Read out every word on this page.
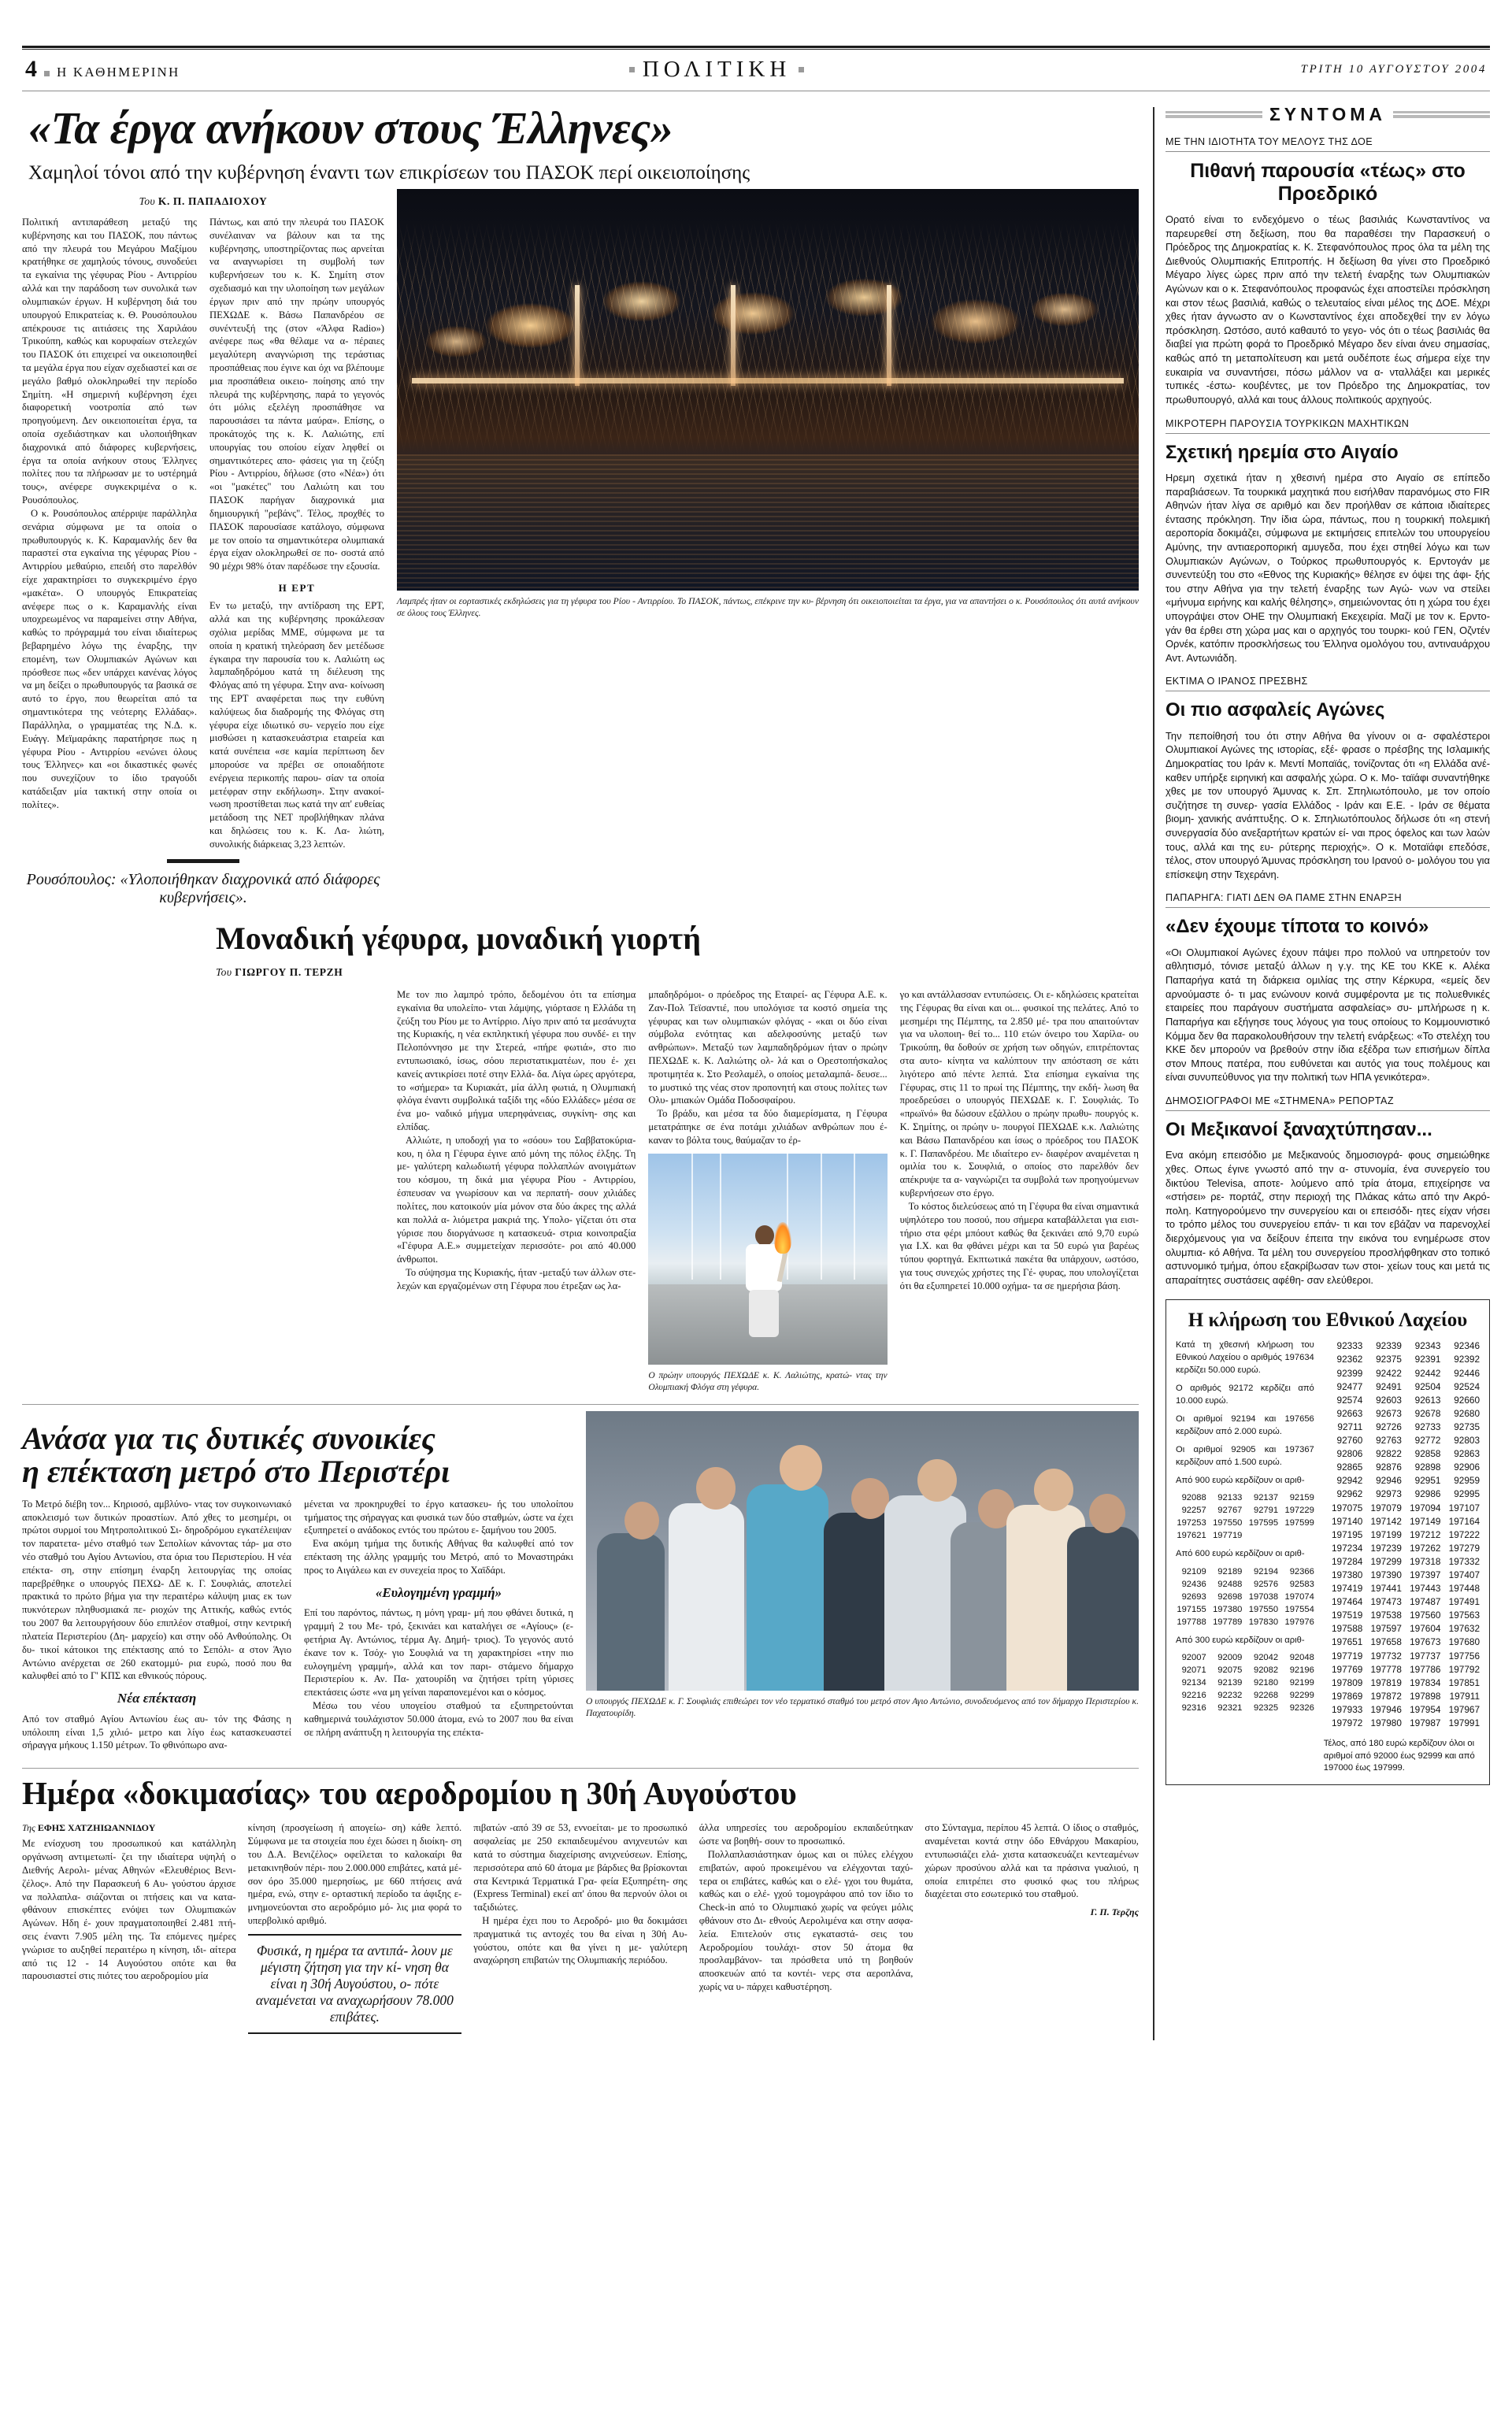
4 Η ΚΑΘΗΜΕΡΙΝΗ	ΠΟΛΙΤΙΚΗ	ΤΡΙΤΗ 10 ΑΥΓΟΥΣΤΟΥ 2004
«Τα έργα ανήκουν στους Έλληνες»
Χαμηλοί τόνοι από την κυβέρνηση έναντι των επικρίσεων του ΠΑΣΟΚ περί οικειοποίησης
Του Κ. Π. ΠΑΠΑΔΙΟΧΟΥ

Πολιτική αντιπαράθεση μεταξύ της κυβέρνησης και του ΠΑΣΟΚ, που πάντως από την πλευρά του Μεγάρου Μαξίμου κρατήθηκε σε χαμηλούς τόνους, συνοδεύει τα εγκαίνια της γέφυρας Ρίου - Αντιρρίου αλλά και την παράδοση των συνολικά των ολυμπιακών έργων. Η κυβέρνηση διά του υπουργού Επικρατείας κ. Θ. Ρουσόπουλου απέκρουσε τις αιτιάσεις της Χαριλάου Τρικούπη, καθώς και κορυφαίων στελεχών του ΠΑΣΟΚ ότι επιχειρεί να οικειοποιηθεί τα μεγάλα έργα που είχαν σχεδιαστεί και σε μεγάλο βαθμό ολοκληρωθεί την περίοδο Σημίτη. «Η σημερινή κυβέρνηση έχει διαφορετική νοοτροπία από των προηγούμενη. Δεν οικειοποιείται έργα, τα οποία σχεδιάστηκαν και υλοποιήθηκαν διαχρονικά από διάφορες κυβερνήσεις, έργα τα οποία ανήκουν στους Έλληνες πολίτες που τα πλήρωσαν με το υστέρημά τους», ανέφερε συγκεκριμένα ο κ. Ρουσόπουλος.

Ο κ. Ρουσόπουλος απέρριψε παράλληλα σενάρια σύμφωνα με τα οποία ο πρωθυπουργός κ. Κ. Καραμανλής δεν θα παραστεί στα εγκαίνια της γέφυρας Ρίου - Αντιρρίου μεθαύριο, επειδή στο παρελθόν είχε χαρακτηρίσει το συγκεκριμένο έργο «μακέτα». Ο υπουργός Επικρατείας ανέφερε πως ο κ. Καραμανλής είναι υποχρεωμένος να παραμείνει στην Αθήνα, καθώς το πρόγραμμά του είναι ιδιαίτερως βεβαρημένο λόγω της έναρξης, την επομένη, των Ολυμπιακών Αγώνων και πρόσθεσε πως «δεν υπάρχει κανένας λόγος να μη δείξει ο πρωθυπουργός τα βασικά σε αυτό το έργο, που θεωρείται από τα σημαντικότερα της νεότερης Ελλάδας». Παράλληλα, ο γραμματέας της Ν.Δ. κ. Ευάγγ. Μεϊμαράκης παρατήρησε πως η γέφυρα Ρίου - Αντιρρίου «ενώνει όλους τους Έλληνες» και «οι δικαστικές φωνές που συνεχίζουν το ίδιο τραγούδι κατάδειξαν μία τακτική στην οποία οι πολίτες».

Πάντως, και από την πλευρά του ΠΑΣΟΚ συνέλαιναν να βάλουν και τα της κυβέρνησης, υποστηρίζοντας πως αρνείται να αναγνωρίσει τη συμβολή των κυβερνήσεων του κ. Κ. Σημίτη στον σχεδιασμό και την υλοποίηση των μεγάλων έργων πριν από την πρώην υπουργός ΠΕΧΩΔΕ κ. Βάσω Παπανδρέου σε συνέντευξή της (στον «Άλφα Radio») ανέφερε πως «θα θέλαμε να α- πέραιες μεγαλύτερη αναγνώριση της τεράστιας προσπάθειας που έγινε και όχι να βλέπουμε μια προσπάθεια οικειο- ποίησης από την πλευρά της κυβέρνησης, παρά το γεγονός ότι μόλις εξελέγη προσπάθησε να παρουσιάσει τα πάντα μαύρα». Επίσης, ο προκάτοχός της κ. Κ. Λαλιώτης, επί υπουργίας του οποίου είχαν ληφθεί οι σημαντικότερες απο- φάσεις για τη ζεύξη Ρίου - Αντιρρίου, δήλωσε (στο «Νέα») ότι «οι "μακέτες" του Λαλιώτη και του ΠΑΣΟΚ παρήγαν διαχρονικά μια δημιουργική "ρεβάνς". Τέλος, προχθές το ΠΑΣΟΚ παρουσίασε κατάλογο, σύμφωνα με τον οποίο τα σημαντικότερα ολυμπιακά έργα είχαν ολοκληρωθεί σε πο- σοστά από 90 μέχρι 98% όταν παρέδωσε την εξουσία.

Η ΕΡΤ

Εν τω μεταξύ, την αντίδραση της ΕΡΤ, αλλά και της κυβέρνησης προκάλεσαν σχόλια μερίδας ΜΜΕ, σύμφωνα με τα οποία η κρατική τηλεόραση δεν μετέδωσε έγκαιρα την παρουσία του κ. Λαλιώτη ως λαμπαδηδρόμου κατά τη διέλευση της Φλόγας από τη γέφυρα. Στην ανα- κοίνωση της ΕΡΤ αναφέρεται πως την ευθύνη καλύψεως δια διαδρομής της Φλόγας στη γέφυρα είχε ιδιωτικό συ- νεργείο που είχε μισθώσει η κατασκευάστρια εταιρεία και κατά συνέπεια «σε καμία περίπτωση δεν μπορούσε να πρέβει σε οποιαδήποτε ενέργεια περικοπής παρου- σίαν τα οποία μετέφραν στην εκδήλωση». Στην ανακοί- νωση προστίθεται πως κατά την απ' ευθείας μετάδοση της ΝΕΤ προβλήθηκαν πλάνα και δηλώσεις του κ. Κ. Λα- λιώτη, συνολικής διάρκειας 3,23 λεπτών.

Ρουσόπουλος: «Υλοποιήθηκαν διαχρονικά από διάφορες κυβερνήσεις».
Λαμπρές ήταν οι εορταστικές εκδηλώσεις για τη γέφυρα του Ρίου - Αντιρρίου. Το ΠΑΣΟΚ, πάντως, επέκρινε την κυ- βέρνηση ότι οικειοποιείται τα έργα, για να απαντήσει ο κ. Ρουσόπουλος ότι αυτά ανήκουν σε όλους τους Έλληνες.
Μοναδική γέφυρα, μοναδική γιορτή
Του ΓΙΩΡΓΟΥ Π. ΤΕΡΖΗ

Με τον πιο λαμπρό τρόπο, δεδομένου ότι τα επίσημα εγκαίνια θα υπολείπο- νται λάμψης, γιόρτασε η Ελλάδα τη ζεύξη του Ρίου με το Αντίρριο. Λίγο πριν από τα μεσάνυχτα της Κυριακής, η νέα εκπληκτική γέφυρα που συνδέ- ει την Πελοπόννησο με την Στερεά, «πήρε φωτιά», στο πιο εντυπωσιακό, ίσως, σόου περιστατικματέων, που έ- χει κανείς αντικρίσει ποτέ στην Ελλά- δα. Λίγα ώρες αργότερα, το «σήμερα» τα Κυριακάτ, μία άλλη φωτιά, η Ολυμπιακή φλόγα έναντι συμβολικά ταξίδι της «δύο Ελλάδες» μέσα σε ένα μο- ναδικό μήγμα υπερηφάνειας, συγκίνη- σης και ελπίδας.

Αλλιώτε, η υποδοχή για το «σόου» του Σαββατοκύρια- κου, η όλα η Γέφυρα έγινε από μόνη της πόλος έλξης. Τη με- γαλύτερη καλωδιωτή γέφυρα πολλαπλών ανοιγμάτων του κόσμου, τη δικά μια γέφυρα Ρίου - Αντιρρίου, έσπευσαν να γνωρίσουν και να περπατή- σουν χιλιάδες πολίτες, που κατοικούν μία μόνον στα δύο άκρες της αλλά και πολλά α- λιόμετρα μακριά της. Υπολο- γίζεται ότι στα γύρισε που διοργάνωσε η κατασκευά- στρια κοινοπραξία «Γέφυρα Α.Ε.» συμμετείχαν περισσότε- ροι από 40.000 άνθρωποι.

Το σύψησμα της Κυριακής, ήταν -μεταξύ των άλλων στε- λεχών και εργαζομένων στη Γέφυρα που έτρεξαν ως λα-

μπαδηδρόμοι- ο πρόεδρος της Εταιρεί- ας Γέφυρα Α.Ε. κ. Ζαν-Πολ Τεϊσαντιέ, που υπολόγισε τα κοστό σημεία της γέφυρας και των ολυμπιακών φλόγας - «και οι δύο είναι σύμβολα ενότητας και αδελφοσύνης μεταξύ των ανθρώπων». Μεταξύ των λαμπαδηδρόμων ήταν ο πρώην ΠΕΧΩΔΕ κ. Κ. Λαλιώτης ολ- λά και ο Ορεστοπήσκαλος προτιμητέα κ. Στο Ρεσλαμέλ, ο οποίος μεταλαμπά- δευσε... το μυστικό της νέας στον προπονητή και στους πολίτες των Ολυ- μπιακών Ομάδα Ποδοσφαίρου.

Το βράδυ, και μέσα τα δύο διαμερίσματα, η Γέφυρα μετατράπηκε σε ένα ποτάμι χιλιάδων ανθρώπων που έ- καναν το βόλτα τους, θαύμαζαν το έρ-

Ο πρώην υπουργός ΠΕΧΩΔΕ κ. Κ. Λαλιώτης, κρατώ- ντας την Ολυμπιακή Φλόγα στη γέφυρα.

γο και αντάλλασσαν εντυπώσεις. Οι ε- κδηλώσεις κρατείται της Γέφυρας θα είναι και οι... φυσικοί της πελάτες. Από το μεσημέρι της Πέμπτης, τα 2.850 μέ- τρα που απαιτούνταν για να υλοποιη- θεί το... 110 ετών όνειρο του Χαρίλα- ου Τρικούπη, θα δοθούν σε χρήση των οδηγών, επιτρέποντας στα αυτο- κίνητα να καλύπτουν την απόσταση σε κάτι λιγότερο από πέντε λεπτά. Στα επίσημα εγκαίνια της Γέφυρας, στις 11 το πρωί της Πέμπτης, την εκδή- λωση θα προεδρεύσει ο υπουργός ΠΕΧΩΔΕ κ. Γ. Σουφλιάς. Το «πρωϊνό» θα δώσουν εξάλλου ο πρώην πρωθυ- πουργός κ. Κ. Σημίτης, οι πρώην υ- πουργοί ΠΕΧΩΔΕ κ.κ. Λαλιώτης και Βάσω Παπανδρέου και ίσως ο πρόεδρος του ΠΑΣΟΚ κ. Γ. Παπανδρέου. Με ιδιαίτερο εν- διαφέρον αναμένεται η ομιλία του κ. Σουφλιά, ο οποίος στο παρελθόν δεν απέκρυψε τα α- ναγνώριζει τα συμβολά των προηγούμενων κυβερνήσεων στο έργο.

Το κόστος διελεύσεως από τη Γέφυρα θα είναι σημαντικά υψηλότερο του ποσού, που σήμερα καταβάλλεται για εισι- τήριο στα φέρι μπόουτ καθώς θα ξεκινάει από 9,70 ευρώ για Ι.Χ. και θα φθάνει μέχρι και τα 50 ευρώ για βαρέως τύπου φορτηγά. Εκπτωτικά πακέτα θα υπάρχουν, ωστόσο, για τους συνεχώς χρήστες της Γέ- φυρας, που υπολογίζεται ότι θα εξυπηρετεί 10.000 οχήμα- τα σε ημερήσια βάση.

Ανάσα για τις δυτικές συνοικίες
η επέκταση μετρό στο Περιστέρι

Το Μετρό διέβη τον... Κηριοσό, αμβλύνο- ντας τον συγκοινωνιακό αποκλεισμό των δυτικών προαστίων. Από χθες το μεσημέρι, οι πρώτοι συρμοί του Μητροπολιτικού Σι- δηροδρόμου εγκατέλειψαν τον παρατετα- μένο σταθμό των Σεπολίων κάνοντας τάρ- μα στο νέο σταθμό του Αγίου Αντωνίου, στα όρια του Περιστερίου. Η νέα επέκτα- ση, στην επίσημη έναρξη λειτουργίας της οποίας παρεβρέθηκε ο υπουργός ΠΕΧΩ- ΔΕ κ. Γ. Σουφλιάς, αποτελεί πρακτικά το πρώτο βήμα για την περαιτέρω κάλυψη μιας εκ των πυκνότερων πληθυσμιακά πε- ριοχών της Αττικής, καθώς εντός του 2007 θα λειτουργήσουν δύο επιπλέον σταθμοί, στην κεντρική πλατεία Περιστερίου (Δη- μαρχείο) και στην οδό Ανθούπολης. Οι δυ- τικοί κάτοικοι της επέκτασης από το Σεπόλι- α στον Άγιο Αντώνιο ανέρχεται σε 260 εκατομμύ- ρια ευρώ, ποσό που θα καλυφθεί από το Γ' ΚΠΣ και εθνικούς πόρους.

Νέα επέκταση

Από τον σταθμό Αγίου Αντωνίου έως αυ- τόν της Φάσης η υπόλοιπη είναι 1,5 χιλιό- μετρο και λίγο έως κατασκευαστεί σήραγγα μήκους 1.150 μέτρων. Το φθινόπωρο ανα-

μένεται να προκηρυχθεί το έργο κατασκευ- ής του υπολοίπου τμήματος της σήραγγας και φυσικά των δύο σταθμών, ώστε να έχει εξυπηρετεί ο ανάδοκος εντός του πρώτου ε- ξαμήνου του 2005.

Ενα ακόμη τμήμα της δυτικής Αθήνας θα καλυφθεί από τον επέκταση της άλλης γραμμής του Μετρό, από το Μοναστηράκι προς το Αιγάλεω και εν συνεχεία προς το Χαϊδάρι.

«Ευλογημένη γραμμή»

Επί του παρόντος, πάντως, η μόνη γραμ- μή που φθάνει δυτικά, η γραμμή 2 του Με- τρό, ξεκινάει και καταλήγει σε «Αγίους» (ε- φετήρια Αγ. Αντώνιος, τέρμα Αγ. Δημή- τριος). Το γεγονός αυτό έκανε τον κ. Τσόχ- γιο Σουφλιά να τη χαρακτηρίσει «την πιο ευλογημένη γραμμή», αλλά και τον παρι- στάμενο δήμαρχο Περιστερίου κ. Αν. Πα- χατουρίδη να ζητήσει τρίτη γύρισες επεκτάσεις ώστε «να μη γείναι παραπονεμένοι και ο κόσμος.

Μέσω του νέου υπογείου σταθμού τα εξυπηρετούνται καθημερινά τουλάχιστον 50.000 άτομα, ενώ το 2007 που θα είναι σε πλήρη ανάπτυξη η λειτουργία της επέκτα-

Ο υπουργός ΠΕΧΩΔΕ κ. Γ. Σουφλιάς επιθεώρει τον νέο τερματικό σταθμό του μετρό στον Αγιο Αντώνιο, συνοδευόμενος από τον δήμαρχο Περιστερίου κ. Παχατουρίδη.
Ημέρα «δοκιμασίας» του αεροδρομίου η 30ή Αυγούστου
Της ΕΦΗΣ ΧΑΤΖΗΙΩΑΝΝΙΔΟΥ

Με ενίσχυση του προσωπικού και κατάλληλη οργάνωση αντιμετωπί- ζει την ιδιαίτερα υψηλή ο Διεθνής Αερολι- μένας Αθηνών «Ελευθέριος Βενι- ζέλος». Από την Παρασκευή 6 Αυ- γούστου άρχισε να πολλαπλα- σιάζονται οι πτήσεις και να κατα- φθάνουν επισκέπτες ενόψει των Ολυμπιακών Αγώνων. Ηδη έ- χουν πραγματοποιηθεί 2.481 πτή- σεις έναντι 7.905 μέλη της. Τα επόμενες ημέρες γνώρισε το αυξηθεί περαιτέρω η κίνηση, ιδι- αίτερα από τις 12 - 14 Αυγούστου οπότε και θα παρουσιαστεί στις πιότες του αεροδρομίου μία

κίνηση (προσγείωση ή απογείω- ση) κάθε λεπτό. Σύμφωνα με τα στοιχεία που έχει δώσει η διοίκη- ση του Δ.Α. Βενιζέλος» οφείλεται το καλοκαίρι θα μετακινηθούν πέρι- που 2.000.000 επιβάτες, κατά μέ- σον όρο 35.000 ημερησίως, με 660 πτήσεις ανά ημέρα, ενώ, στην ε- ορταστική περίοδο τα άφιξης ε- μνημονεύονται στο αεροδρόμιο μό- λις μια φορά το υπερβολικό αριθμό.

Φυσικά, η ημέρα τα αντιπά- λουν με μέγιστη ζήτηση για την κί- νηση θα είναι η 30ή Αυγούστου, ο- πότε αναμένεται να αναχωρήσουν 78.000 επιβάτες.

πιβατών -από 39 σε 53, εννοείται- με το προσωπικό ασφαλείας με 250 εκπαιδευμένου ανιχνευτών και κατά το σύστημα διαχείρισης ανιχνεύσεων. Επίσης, περισσότερα από 60 άτομα με βάρδιες θα βρίσκονται στα Κεντρικά Τερματικά Γρα- φεία Εξυπηρέτη- σης (Express Terminal) εκεί απ' όπου θα περνούν όλοι οι ταξιδιώτες.

Η ημέρα έχει που το Αεροδρό- μιο θα δοκιμάσει πραγματικά τις αντοχές του θα είναι η 30ή Αυ- γούστου, οπότε και θα γίνει η με- γαλύτερη αναχώρηση επιβατών της Ολυμπιακής περιόδου.

άλλα υπηρεσίες του αεροδρομίου εκπαιδεύτηκαν ώστε να βοηθή- σουν το προσωπικό.

Πολλαπλασιάστηκαν όμως και οι πύλες ελέγχου επιβατών, αφού προκειμένου να ελέγχονται ταχύ- τερα οι επιβάτες, καθώς και ο ελέ- γχοι του θυμάτα, καθώς και ο ελέ- γχού τομογράφου από τον ίδιο το Check-in από το Ολυμπιακό χωρίς να φεύγει μόλις φθάνουν στο Δι- εθνούς Αερολιμένα και στην ασφα- λεία. Επιτελούν στις εγκαταστά- σεις του Αεροδρομίου τουλάχι- στον 50 άτομα θα προσλαμβάνον- ται πρόσθετα υπό τη βοηθούν αποσκευών από τα κοντέι- νερς στα αεροπλάνα, χωρίς να υ- πάρχει καθυστέρηση.

στο Σύνταγμα, περίπου 45 λεπτά. Ο ίδιος ο σταθμός, αναμένεται κοντά στην όδο Εθνάρχου Μακαρίου, εντυπωσιάζει ελά- χιστα κατασκευάζει κεντεαμένων χώρων προσύνου αλλά και τα πράσινα γυαλιού, η οποία επιτρέπει στο φυσικό φως του πλήρως διαχέεται στο εσωτερικό του σταθμού.

Γ. Π. Τερζης
ΣΥΝΤΟΜΑ
ΜΕ ΤΗΝ ΙΔΙΟΤΗΤΑ ΤΟΥ ΜΕΛΟΥΣ ΤΗΣ ΔΟΕ
Πιθανή παρουσία «τέως» στο Προεδρικό
Ορατό είναι το ενδεχόμενο ο τέως βασιλιάς Κωνσταντίνος να παρευρεθεί στη δεξίωση, που θα παραθέσει την Παρασκευή ο Πρόεδρος της Δημοκρατίας κ. Κ. Στεφανόπουλος προς όλα τα μέλη της Διεθνούς Ολυμπιακής Επιτροπής. Η δεξίωση θα γίνει στο Προεδρικό Μέγαρο λίγες ώρες πριν από την τελετή έναρξης των Ολυμπιακών Αγώνων και ο κ. Στεφανόπουλος προφανώς έχει αποστείλει πρόσκληση και στον τέως βασιλιά, καθώς ο τελευταίος είναι μέλος της ΔΟΕ. Μέχρι χθες ήταν άγνωστο αν ο Κωνσταντίνος έχει αποδεχθεί την εν λόγω πρόσκληση. Ωστόσο, αυτό καθαυτό το γεγο- νός ότι ο τέως βασιλιάς θα διαβεί για πρώτη φορά το Προεδρικό Μέγαρο δεν είναι άνευ σημασίας, καθώς από τη μεταπολίτευση και μετά ουδέποτε έως σήμερα είχε την ευκαιρία να συναντήσει, πόσω μάλλον να α- νταλλάξει και μερικές τυπικές -έστω- κουβέντες, με τον Πρόεδρο της Δημοκρατίας, τον πρωθυπουργό, αλλά και τους άλλους πολιτικούς αρχηγούς.
ΜΙΚΡΟΤΕΡΗ ΠΑΡΟΥΣΙΑ ΤΟΥΡΚΙΚΩΝ ΜΑΧΗΤΙΚΩΝ
Σχετική ηρεμία στο Αιγαίο
Ηρεμη σχετικά ήταν η χθεσινή ημέρα στο Αιγαίο σε επίπεδο παραβιάσεων. Τα τουρκικά μαχητικά που εισήλθαν παρανόμως στο FIR Αθηνών ήταν λίγα σε αριθμό και δεν προήλθαν σε κάποια ιδιαίτερες έντασης πρόκληση. Την ίδια ώρα, πάντως, που η τουρκική πολεμική αεροπορία δοκιμάζει, σύμφωνα με εκτιμήσεις επιτελών του υπουργείου Αμύνης, την αντιαεροπορική αμυγεδα, που έχει στηθεί λόγω και των Ολυμπιακών Αγώνων, ο Τούρκος πρωθυπουργός κ. Ερντογάν με συνεντεύξη του στο «Εθνος της Κυριακής» θέλησε εν όψει της άφι- ξής του στην Αθήνα για την τελετή έναρξης των Αγώ- νων να στείλει «μήνυμα ειρήνης και καλής θέλησης», σημειώνοντας ότι η χώρα του έχει υπογράψει στον ΟΗΕ την Ολυμπιακή Εκεχειρία. Μαζί με τον κ. Ερντο- γάν θα έρθει στη χώρα μας και ο αρχηγός του τουρκι- κού ΓΕΝ, Οζντέν Ορνέκ, κατόπιν προσκλήσεως του Έλληνα ομολόγου του, αντιναυάρχου Αντ. Αντωνιάδη.
ΕΚΤΙΜΑ Ο ΙΡΑΝΟΣ ΠΡΕΣΒΗΣ
Οι πιο ασφαλείς Αγώνες
Την πεποίθησή του ότι στην Αθήνα θα γίνουν οι α- σφαλέστεροι Ολυμπιακοί Αγώνες της ιστορίας, εξέ- φρασε ο πρέσβης της Ισλαμικής Δημοκρατίας του Ιράν κ. Μεντί Μοπαϊάς, τονίζοντας ότι «η Ελλάδα ανέ- καθεν υπήρξε ειρηνική και ασφαλής χώρα. Ο κ. Μο- ταϊάφι συναντήθηκε χθες με τον υπουργό Άμυνας κ. Σπ. Σπηλιωτόπουλο, με τον οποίο συζήτησε τη συνερ- γασία Ελλάδος - Ιράν και Ε.Ε. - Ιράν σε θέματα βιομη- χανικής ανάπτυξης. Ο κ. Σπηλιωτόπουλος δήλωσε ότι «η στενή συνεργασία δύο ανεξαρτήτων κρατών εί- ναι προς όφελος και των λαών τους, αλλά και της ευ- ρύτερης περιοχής». Ο κ. Μοταϊάφι επεδόσε, τέλος, στον υπουργό Άμυνας πρόσκληση του Ιρανού ο- μολόγου του για επίσκεψη στην Τεχεράνη.
ΠΑΠΑΡΗΓΑ: ΓΙΑΤΙ ΔΕΝ ΘΑ ΠΑΜΕ ΣΤΗΝ ΕΝΑΡΞΗ
«Δεν έχουμε τίποτα το κοινό»
«Οι Ολυμπιακοί Αγώνες έχουν πάψει προ πολλού να υπηρετούν τον αθλητισμό, τόνισε μεταξύ άλλων η γ.γ. της ΚΕ του ΚΚΕ κ. Αλέκα Παπαρήγα κατά τη διάρκεια ομιλίας της στην Κέρκυρα, «εμείς δεν αρνούμαστε ό- τι μας ενώνουν κοινά συμφέροντα με τις πολυεθνικές εταιρείες που παράγουν συστήματα ασφαλείας» συ- μπλήρωσε η κ. Παπαρήγα και εξήγησε τους λόγους για τους οποίους το Κομμουνιστικό Κόμμα δεν θα παρακολουθήσουν την τελετή ενάρξεως: «Το στελέχη του ΚΚΕ δεν μπορούν να βρεθούν στην ίδια εξέδρα των επισήμων δίπλα στον Μπους πατέρα, που ευθύνεται και αυτός για τους πολέμους και είναι συνυπεύθυνος για την πολιτική των ΗΠΑ γενικότερα».
ΔΗΜΟΣΙΟΓΡΑΦΟΙ ΜΕ «ΣΤΗΜΕΝΑ» ΡΕΠΟΡΤΑΖ
Οι Μεξικανοί ξαναχτύπησαν...
Ενα ακόμη επεισόδιο με Μεξικανούς δημοσιογρά- φους σημειώθηκε χθες. Οπως έγινε γνωστό από την α- στυνομία, ένα συνεργείο του δικτύου Televisa, αποτε- λούμενο από τρία άτομα, επιχείρησε να «στήσει» ρε- πορτάζ, στην περιοχή της Πλάκας κάτω από την Ακρό- πολη. Κατηγορούμενο την συνεργείου και οι επεισόδι- ητες είχαν νήσει το τρόπο μέλος του συνεργείου επάν- τι και τον εβάζαν να παρενοχλεί διερχόμενους για να δείξουν έπειτα την εικόνα του ενημέρωσε στον ολυμπια- κό Αθήνα. Τα μέλη του συνεργείου προσλήφθηκαν στο τοπικό αστυνομικό τμήμα, όπου εξακρίβωσαν των στοι- χείων τους και μετά τις απαραίτητες συστάσεις αφέθη- σαν ελεύθεροι.
Η κλήρωση του Εθνικού Λαχείου

Κατά τη χθεσινή κλήρωση του Εθνικού Λαχείου ο αριθμός 197634 κερδίζει 50.000 ευρώ.

Ο αριθμός 92172 κερδίζει από 10.000 ευρώ.

Οι αριθμοί 92194 και 197656 κερδίζουν από 2.000 ευρώ.

Οι αριθμοί 92905 και 197367 κερδίζουν από 1.500 ευρώ.

Από 900 ευρώ κερδίζουν οι αριθ-

92088	92133	92137	92159
92257	92767	92791 197229
197253 197550 197595 197599
197621 197719

Από 600 ευρώ κερδίζουν οι αριθ-

92109	92189	92194	92366
92436	92488	92576	92583
92693	92698 197038 197074
197155 197380 197550 197554
197788 197789 197830 197976

Από 300 ευρώ κερδίζουν οι αριθ-

92007	92009	92042	92048
92071	92075	92082	92196
92134	92139	92180	92199
92216	92232	92268	92299
92316	92321	92325	92326
92333	92339	92343	92346
92362	92375	92391	92392
92399	92422	92442	92446
92477	92491	92504	92524
92574	92603	92613	92660
92663	92673	92678	92680
92711	92726	92733	92735
92760	92763	92772	92803
92806	92822	92858	92863
92865	92876	92898	92906
92942	92946	92951	92959
92962	92973	92986	92995
197075 197079 197094 197107
197140 197142 197149 197164
197195 197199 197212 197222
197234 197239 197262 197279
197284 197299 197318 197332
197380 197390 197397 197407
197419 197441 197443 197448
197464 197473 197487 197491
197519 197538 197560 197563
197588 197597 197604 197632
197651 197658 197673 197680
197719 197732 197737 197756
197769 197778 197786 197792
197809 197819 197834 197851
197869 197872 197898 197911
197933 197946 197954 197967
197972 197980 197987 197991
Τέλος, από 180 ευρώ κερδίζουν όλοι οι αριθμοί από 92000 έως 92999 και από 197000 έως 197999.
